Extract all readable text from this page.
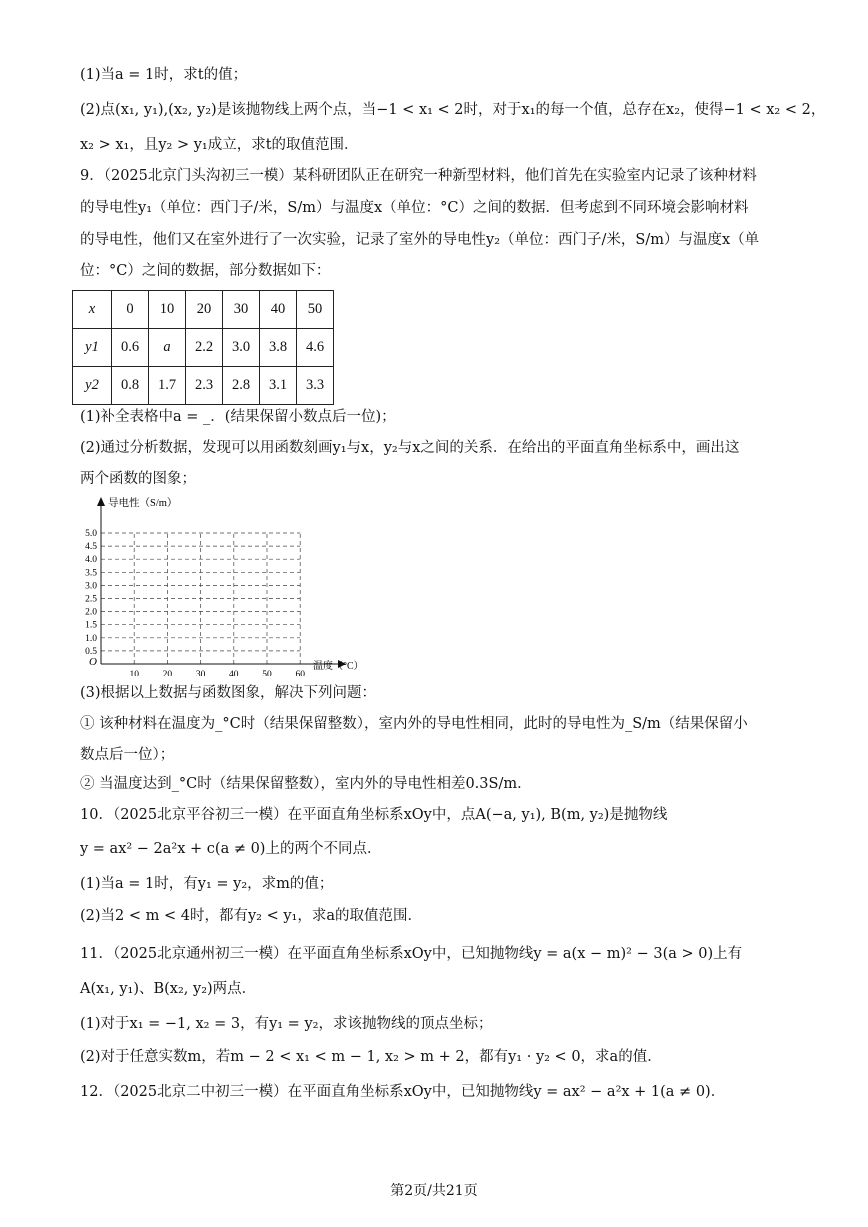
(1)当a = 1时，求t的值；
(2)点(x₁, y₁),(x₂, y₂)是该抛物线上两个点，当−1 < x₁ < 2时，对于x₁的每一个值，总存在x₂，使得−1 < x₂ < 2，
x₂ > x₁，且y₂ > y₁成立，求t的取值范围．
9．（2025北京门头沟初三一模）某科研团队正在研究一种新型材料，他们首先在实验室内记录了该种材料
的导电性y₁（单位：西门子/米，S/m）与温度x（单位：°C）之间的数据．但考虑到不同环境会影响材料
的导电性，他们又在室外进行了一次实验，记录了室外的导电性y₂（单位：西门子/米，S/m）与温度x（单
位：°C）之间的数据，部分数据如下：
x	0	10	20	30	40	50
y1	0.6	a	2.2	3.0	3.8	4.6
y2	0.8	1.7	2.3	2.8	3.1	3.3
(1)补全表格中a = _．(结果保留小数点后一位)；
(2)通过分析数据，发现可以用函数刻画y₁与x，y₂与x之间的关系．在给出的平面直角坐标系中，画出这
两个函数的图象；
导电性（S/m）
温度（°C）
O
0.5
1.0
1.5
2.0
2.5
3.0
3.5
4.0
4.5
5.0
10 20 30 40 50 60
(3)根据以上数据与函数图象，解决下列问题：
① 该种材料在温度为_°C时（结果保留整数），室内外的导电性相同，此时的导电性为_S/m（结果保留小
数点后一位）；
② 当温度达到_°C时（结果保留整数），室内外的导电性相差0.3S/m．
10．（2025北京平谷初三一模）在平面直角坐标系xOy中，点A(−a, y₁), B(m, y₂)是抛物线
y = ax² − 2a²x + c(a ≠ 0)上的两个不同点．
(1)当a = 1时，有y₁ = y₂，求m的值；
(2)当2 < m < 4时，都有y₂ < y₁，求a的取值范围．
11．（2025北京通州初三一模）在平面直角坐标系xOy中，已知抛物线y = a(x − m)² − 3(a > 0)上有
A(x₁, y₁)、B(x₂, y₂)两点．
(1)对于x₁ = −1, x₂ = 3，有y₁ = y₂，求该抛物线的顶点坐标；
(2)对于任意实数m，若m − 2 < x₁ < m − 1, x₂ > m + 2，都有y₁ · y₂ < 0，求a的值．
12．（2025北京二中初三一模）在平面直角坐标系xOy中，已知抛物线y = ax² − a²x + 1(a ≠ 0)．
第2页/共21页
